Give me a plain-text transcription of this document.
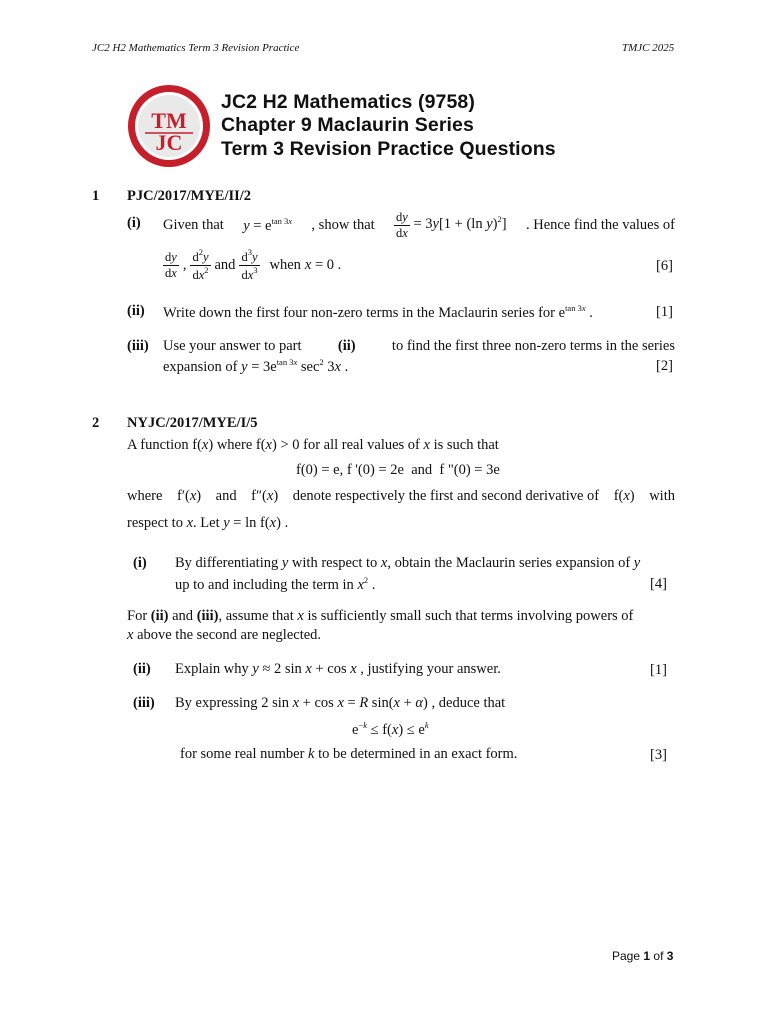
JC2 H2 Mathematics Term 3 Revision Practice	TMJC 2025
TM
JC
JC2 H2 Mathematics (9758)
Chapter 9 Maclaurin Series
Term 3 Revision Practice Questions
1 PJC/2017/MYE/II/2
(i) Given that $y = e^{tan 3x}$ , show that $\frac{dy}{dx} = 3y[1 + (\ln$ y)$^2$] . Hence find the values of
$\frac{dy}{dx}$ , $\frac{d^2y}{dx^2}$ and $\frac{d^3y}{dx^3}$ when x = 0 .	[6]
(ii) Write down the first four non-zero terms in the Maclaurin series for $e^{tan 3x}$ .	[1]
(iii) Use your answer to part	(ii)	to find the first three non-zero terms in the series
expansion of $y = 3e^{tan 3x}$ $\sec^2 3x$ .	[2]
2 NYJC/2017/MYE/I/5
A function f(x) where f(x) > 0 for all real values of x is such that
f(0) = e, f '(0) = 2e  and  f "(0) = 3e
where f′(x) and f″(x) denote respectively the first and second derivative of f(x) with
respect to x. Let y = ln f(x) .
(i) By differentiating y with respect to x, obtain the Maclaurin series expansion of y
up to and including the term in $x^2$ .	[4]
For (ii) and (iii), assume that x is sufficiently small such that terms involving powers of
x above the second are neglected.
(ii) Explain why y ≈ 2 sin x + cos x , justifying your answer.	[1]
(iii) By expressing 2 sin x + cos x = R sin(x + α) , deduce that
$e^{-k} \le f(x) \le e^k$
for some real number k to be determined in an exact form.	[3]
Page 1 of 3
